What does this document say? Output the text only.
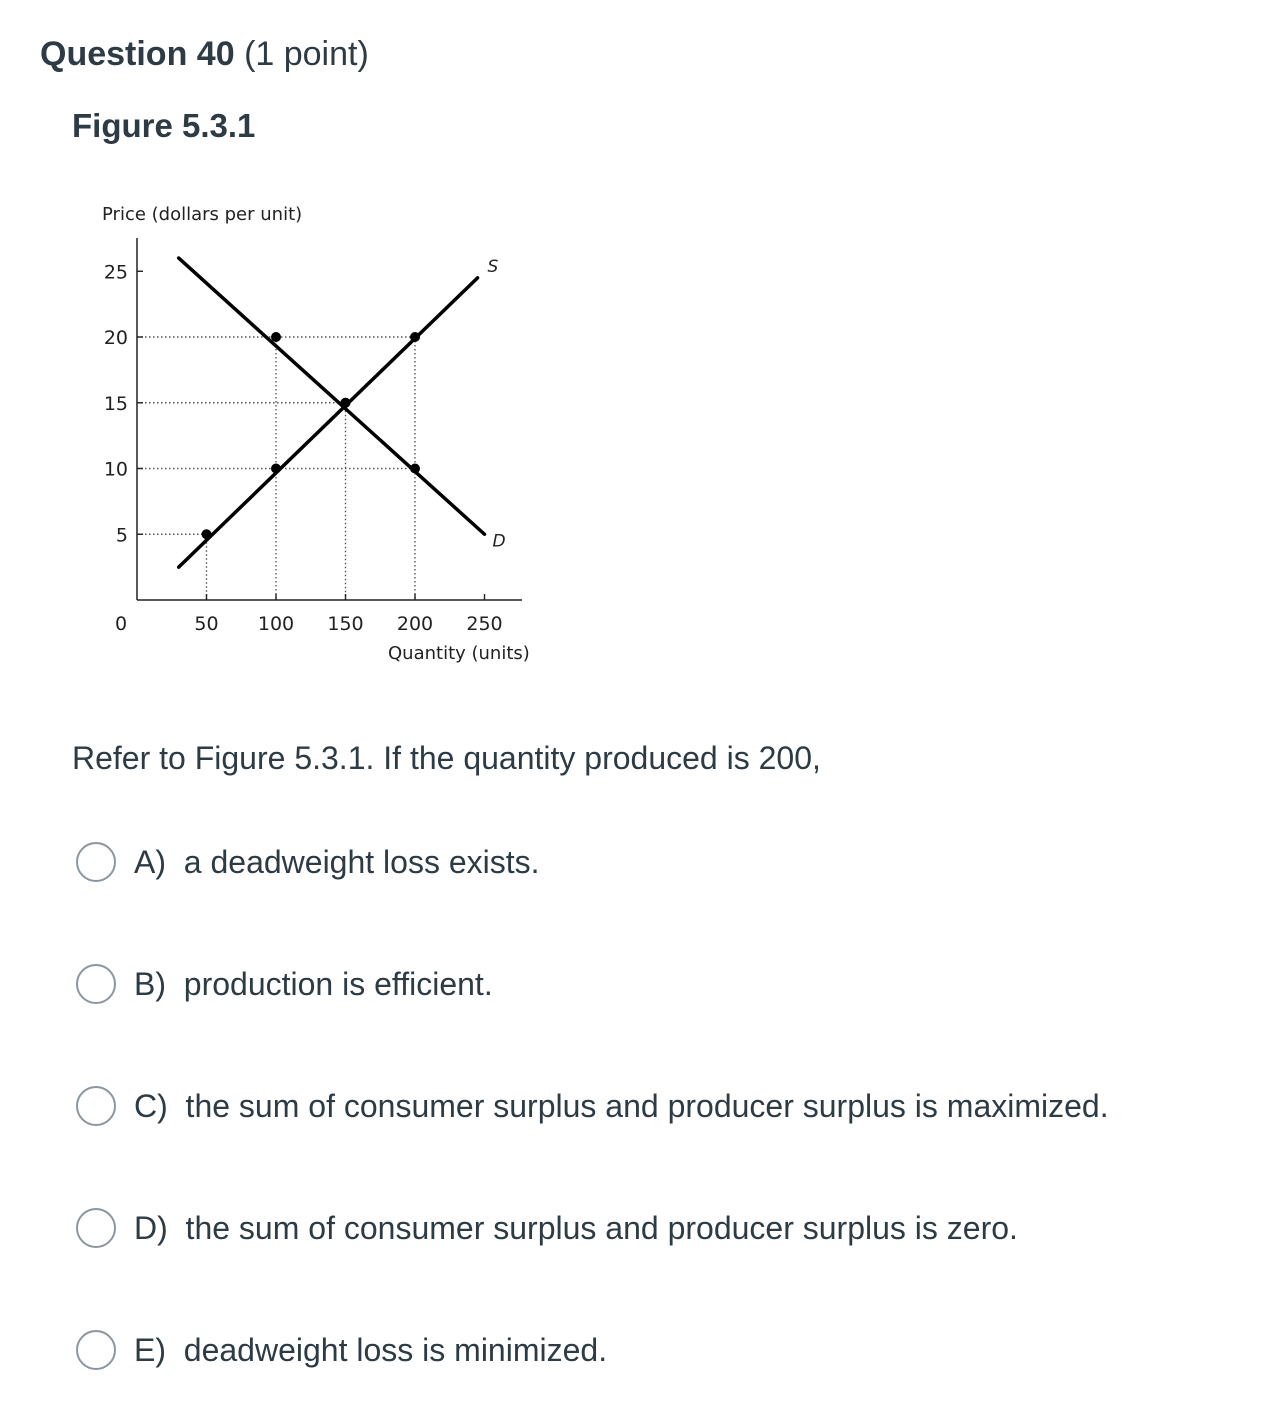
Question 40 (1 point)
Figure 5.3.1
5
10
15
20
25
50 100 150 200 250
D
S
Price (dollars per unit)
Quantity (units)
0
Refer to Figure 5.3.1. If the quantity produced is 200,
A) a deadweight loss exists.
B) production is efficient.
C) the sum of consumer surplus and producer surplus is maximized.
D) the sum of consumer surplus and producer surplus is zero.
E) deadweight loss is minimized.
